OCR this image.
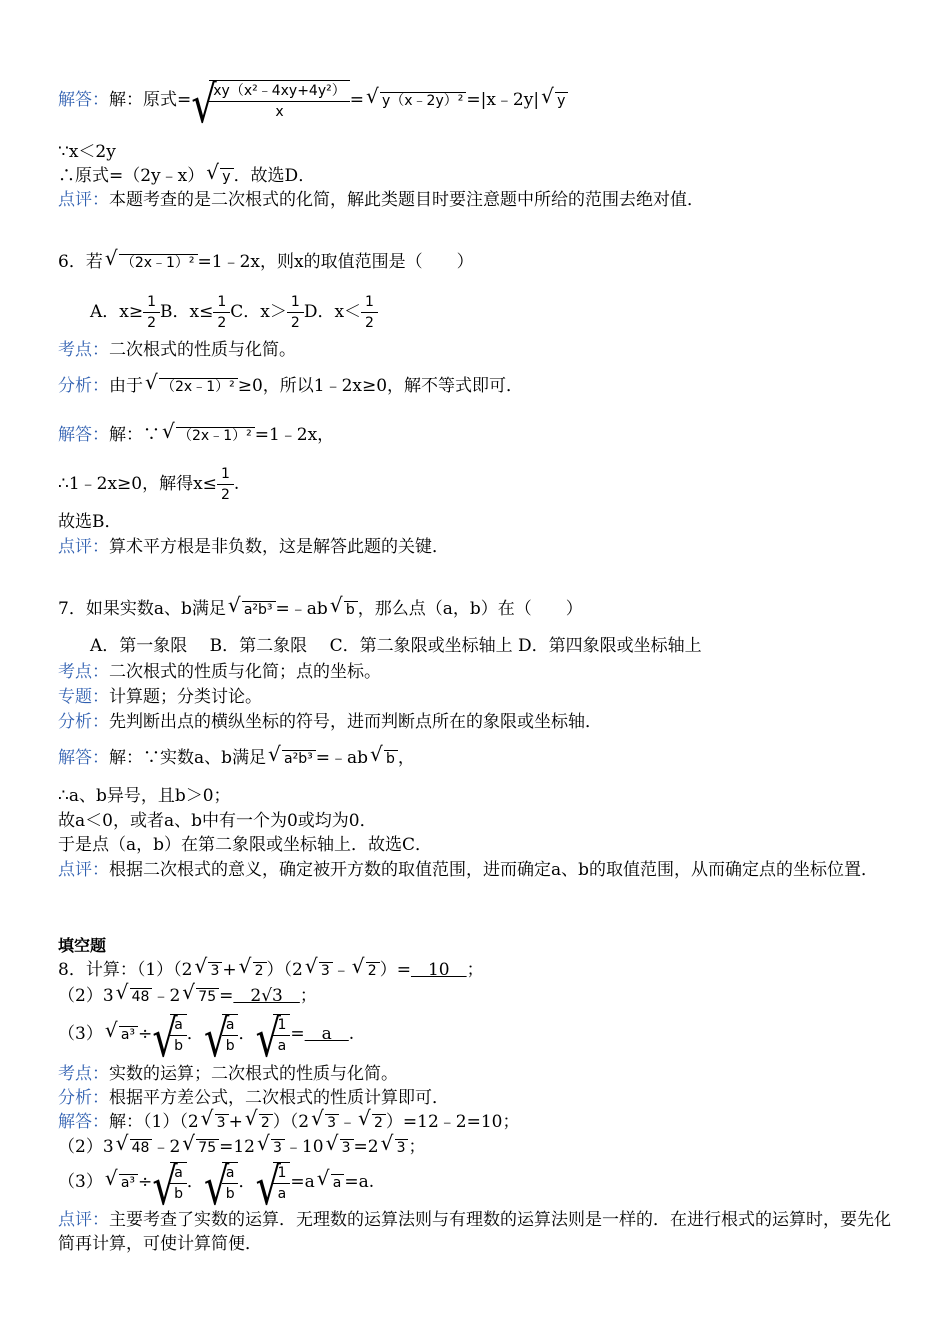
解答：解：原式=
√ $\frac{\text{xy（x²﹣4xy+4y²）}}{x}$ =√ y（x﹣2y）² =|x﹣2y|√ y
∵x＜2y
∴原式=（2y﹣x）√ y ．故选D．
点评：本题考查的是二次根式的化简，解此类题目时要注意题中所给的范围去绝对值．
6．若√ （2x﹣1）² =1﹣2x，则x的取值范围是（　　）
A．$x\ge \frac{1}{2}$ B．$x\le \frac{1}{2}$ C．$x> \frac{1}{2}$ D．$x< \frac{1}{2}$
考点：二次根式的性质与化简。
分析：由于√ （2x﹣1）² ≥0，所以1﹣2x≥0，解不等式即可．
解答：解：∵√ （2x﹣1）² =1﹣2x，
∴1﹣2x≥0，解得$x\le \frac{1}{2}$ .
故选B．
点评：算术平方根是非负数，这是解答此题的关键．
7．如果实数a、b满足√ a²b³ =﹣ab√ b ，那么点（a，b）在（　　）
A．第一象限　 B．第二象限　 C．第二象限或坐标轴上 D．第四象限或坐标轴上
考点：二次根式的性质与化简；点的坐标。
专题：计算题；分类讨论。
分析：先判断出点的横纵坐标的符号，进而判断点所在的象限或坐标轴．
解答：解：∵实数a、b满足√ a²b³ =﹣ab√ b ，
∴a、b异号，且b＞0；
故a＜0，或者a、b中有一个为0或均为0．
于是点（a，b）在第二象限或坐标轴上．故选C．
点评：根据二次根式的意义，确定被开方数的取值范围，进而确定a、b的取值范围，从而确定点的坐标位置．
填空题
8．计算：（1）（2√ 3 +√ 2 ）（2√ 3 ﹣√ 2 ）=　10　；
（2）3√ 48 ﹣2√ 75 =　2√3　；
（3）√ a³ ÷
√ $\frac{a}{b}$ ．
√ $\frac{a}{b}$ ．
√ $\frac{1}{a}$ =　a　.
考点：实数的运算；二次根式的性质与化简。
分析：根据平方差公式，二次根式的性质计算即可．
解答：解：（1）（2√ 3 +√ 2 ）（2√ 3 ﹣√ 2 ）=12﹣2=10；
（2）3√ 48 ﹣2√ 75 =12√ 3 ﹣10√ 3 =2√ 3 ；
（3）√ a³ ÷
√ $\frac{a}{b}$ ．
√ $\frac{a}{b}$ ．
√ $\frac{1}{a} =a√$ a =a.
点评：主要考查了实数的运算．无理数的运算法则与有理数的运算法则是一样的．在进行根式的运算时，要先化简再计算，可使计算简便．
